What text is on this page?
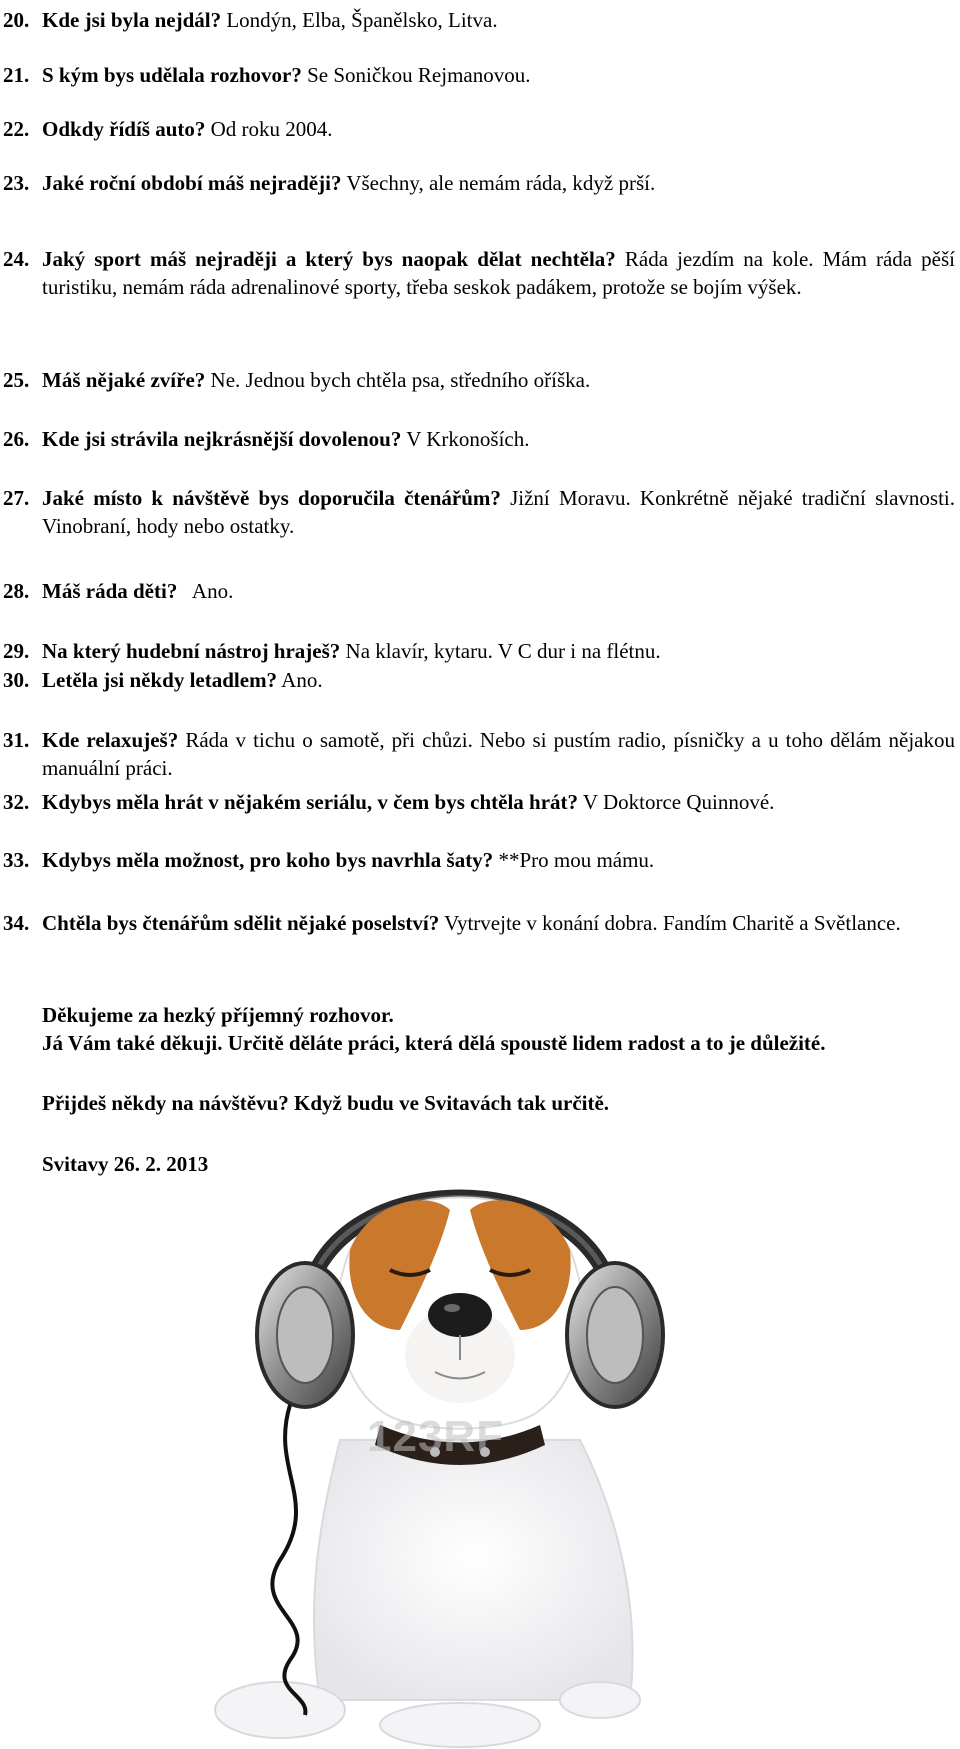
20. Kde jsi byla nejdál? Londýn, Elba, Španělsko, Litva.
21. S kým bys udělala rozhovor? Se Soničkou Rejmanovou.
22. Odkdy řídíš auto? Od roku 2004.
23. Jaké roční období máš nejraději? Všechny, ale nemám ráda, když prší.
24. Jaký sport máš nejraději a který bys naopak dělat nechtěla? Ráda jezdím na kole. Mám ráda pěší turistiku, nemám ráda adrenalinové sporty, třeba seskok padákem, protože se bojím výšek.
25. Máš nějaké zvíře? Ne. Jednou bych chtěla psa, středního oříška.
26. Kde jsi strávila nejkrásnější dovolenou? V Krkonoších.
27. Jaké místo k návštěvě bys doporučila čtenářům? Jižní Moravu. Konkrétně nějaké tradiční slavnosti. Vinobraní, hody nebo ostatky.
28. Máš ráda děti? Ano.
29. Na který hudební nástroj hraješ? Na klavír, kytaru. V C dur i na flétnu.
30. Letěla jsi někdy letadlem? Ano.
31. Kde relaxuješ? Ráda v tichu o samotě, při chůzi. Nebo si pustím radio, písničky a u toho dělám nějakou manuální práci.
32. Kdybys měla hrát v nějakém seriálu, v čem bys chtěla hrát? V Doktorce Quinnové.
33. Kdybys měla možnost, pro koho bys navrhla šaty? **Pro mou mámu.
34. Chtěla bys čtenářům sdělit nějaké poselství? Vytrvejte v konání dobra. Fandím Charitě a Světlance.
Děkujeme za hezký příjemný rozhovor.
Já Vám také děkuji. Určitě děláte práci, která dělá spoustě lidem radost a to je důležité.
Přijdeš někdy na návštěvu? Když budu ve Svitavách tak určitě.
Svitavy 26. 2. 2013
123RF
